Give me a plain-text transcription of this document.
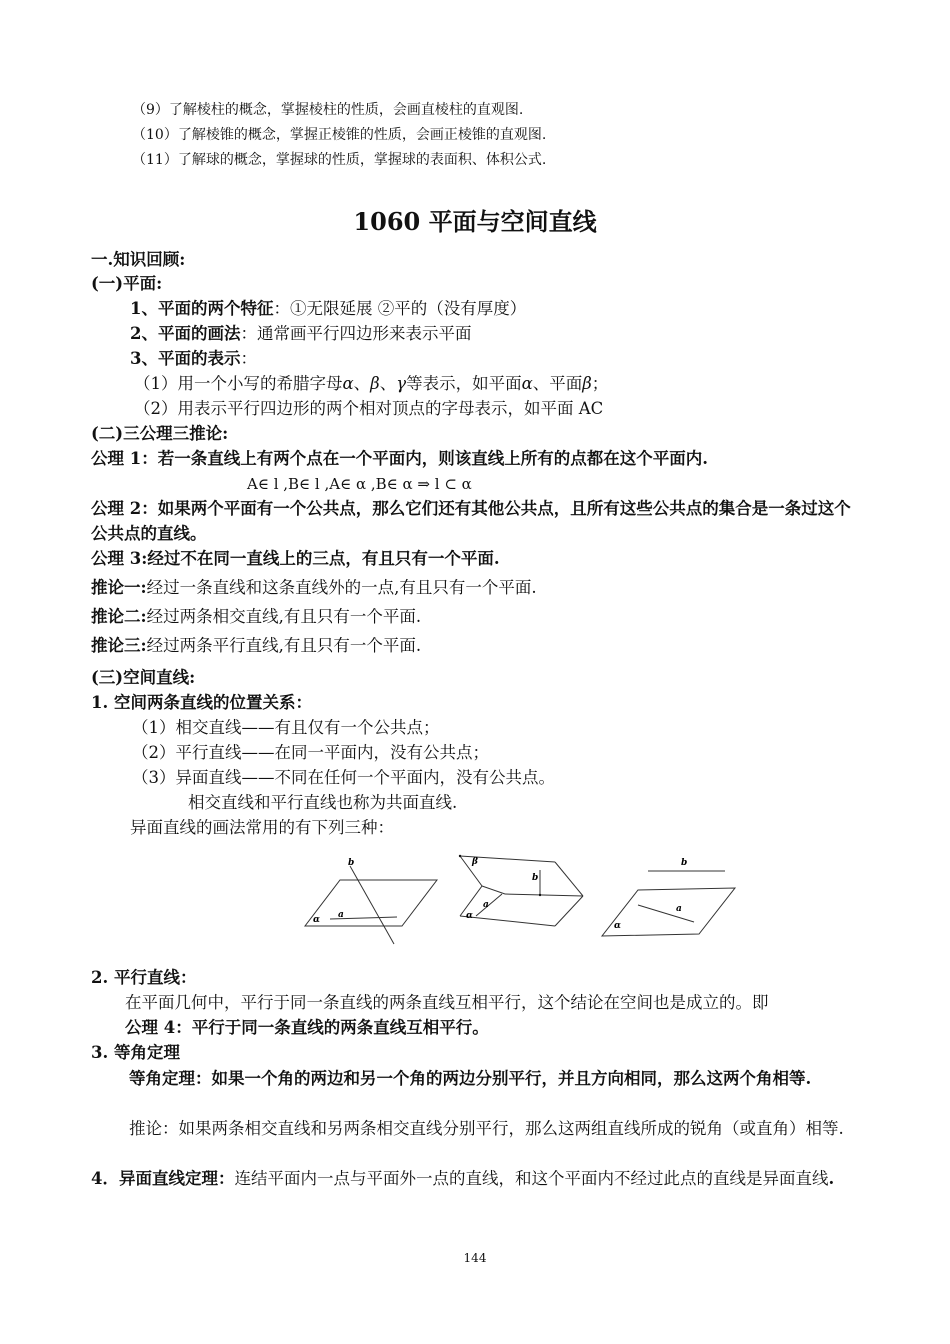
（9）了解棱柱的概念，掌握棱柱的性质，会画直棱柱的直观图.
（10）了解棱锥的概念，掌握正棱锥的性质，会画正棱锥的直观图.
（11）了解球的概念，掌握球的性质，掌握球的表面积、体积公式.
1060 平面与空间直线
一.知识回顾:
(一)平面:
1、平面的两个特征：①无限延展 ②平的（没有厚度）
2、平面的画法：通常画平行四边形来表示平面
3、平面的表示：
（1）用一个小写的希腊字母α、β、γ等表示，如平面α、平面β；
（2）用表示平行四边形的两个相对顶点的字母表示，如平面 AC
(二)三公理三推论:
公理 1：若一条直线上有两个点在一个平面内，则该直线上所有的点都在这个平面内.
A∈ l ,B∈ l ,A∈ α ,B∈ α ⇒ l ⊂ α
公理 2：如果两个平面有一个公共点，那么它们还有其他公共点，且所有这些公共点的集合是一条过这个公共点的直线。
公理 3:经过不在同一直线上的三点，有且只有一个平面.
推论一:经过一条直线和这条直线外的一点,有且只有一个平面.
推论二:经过两条相交直线,有且只有一个平面.
推论三:经过两条平行直线,有且只有一个平面.
(三)空间直线:
1. 空间两条直线的位置关系：
（1）相交直线——有且仅有一个公共点；
（2）平行直线——在同一平面内，没有公共点；
（3）异面直线——不同在任何一个平面内，没有公共点。
相交直线和平行直线也称为共面直线.
异面直线的画法常用的有下列三种：
b
a
α
β
b
a
α
b
a
α
2. 平行直线：
在平面几何中，平行于同一条直线的两条直线互相平行，这个结论在空间也是成立的。即
公理 4：平行于同一条直线的两条直线互相平行。
3. 等角定理
等角定理：如果一个角的两边和另一个角的两边分别平行，并且方向相同，那么这两个角相等.
推论：如果两条相交直线和另两条相交直线分别平行，那么这两组直线所成的锐角（或直角）相等.
4．异面直线定理：连结平面内一点与平面外一点的直线，和这个平面内不经过此点的直线是异面直线.
144
